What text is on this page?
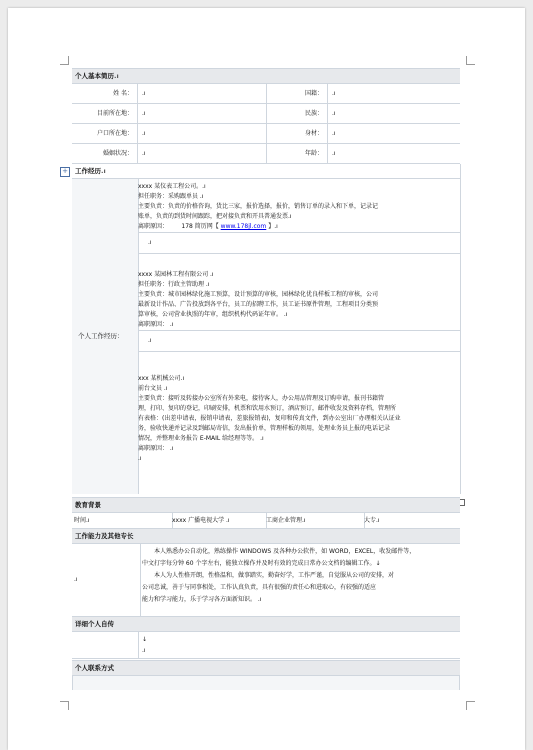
个人基本简历.ı
姓 名：	.ı	国籍：	.ı
目前所在地：	.ı	民族：	.ı
户口所在地：	.ı	身材：	.ı
婚姻状况：	.ı	年龄：	.ı
+	工作经历.ı
个人工作经历：
xxxx 某仪表工程公司。.ı
担任职务：采购跟单员 .ı
主要负责：负责的价格咨询，货比三家，报价选择，报价，销售订单的录入和下单，记录记
账单，负责的到货时间跟踪，把对接负责和开具普通发票.ı
离职原因： 178 简历网【 www.178jl.com 】.ı
.ı
xxxx 某园林工程有限公司 .ı
担任职务：行政主管助理 .ı
主要负责：城市园林绿化施工预算，设计预算的审核，园林绿化优良样板工程的审核，公司
最新设计作品、广告投放到各平台，员工的招聘工作，员工证书原件管理，工程项目分类预
算审核，公司营业执照的年审，组织机构代码证年审。 .ı
离职原因： .ı
.ı
xxx 某机械公司.ı
前台文员 .ı
主要负责：接听及转接办公室所有外来电，接待客人，办公用品管理及订购申请，报刊书籍管
理，打印、复印的登记，印刷安排，机票和饮用水预订，酒店预订，邮件收发及资料存档，管理所
有表格：(出差申请表，报销申请表，差旅报销表)，复印和传真文件，到办公室出厂办理相关认证业
务，验收快递并记录及到邮局寄信，发出报价单，管理样板的领用，处理业务员上报的电话记录
情况，并整理业务报告 E-MAIL 给经理等等。 .ı
离职原因： .ı
.ı
教育背景
时间.ı	xxxx 广播电视大学 .ı	工商企业管理.ı	大专.ı
工作能力及其他专长
.ı
本人熟悉办公自动化，熟练操作 WINDOWS 及各种办公软件，如 WORD，EXCEL，收发邮件等，
中文打字每分钟 60 个字左右，能独立操作并及时有效的完成日常办公文档的编辑工作。↓
本人为人性格开朗，性格温和，做事踏实，勤奋好学，工作严谨，自觉服从公司的安排，对
公司忠诚，善于与同事相处，工作认真负责，具有很强的责任心和进取心，有较强的适应
能力和学习能力，乐于学习各方面新知识。 .ı
详细个人自传
↓
.ı
个人联系方式
